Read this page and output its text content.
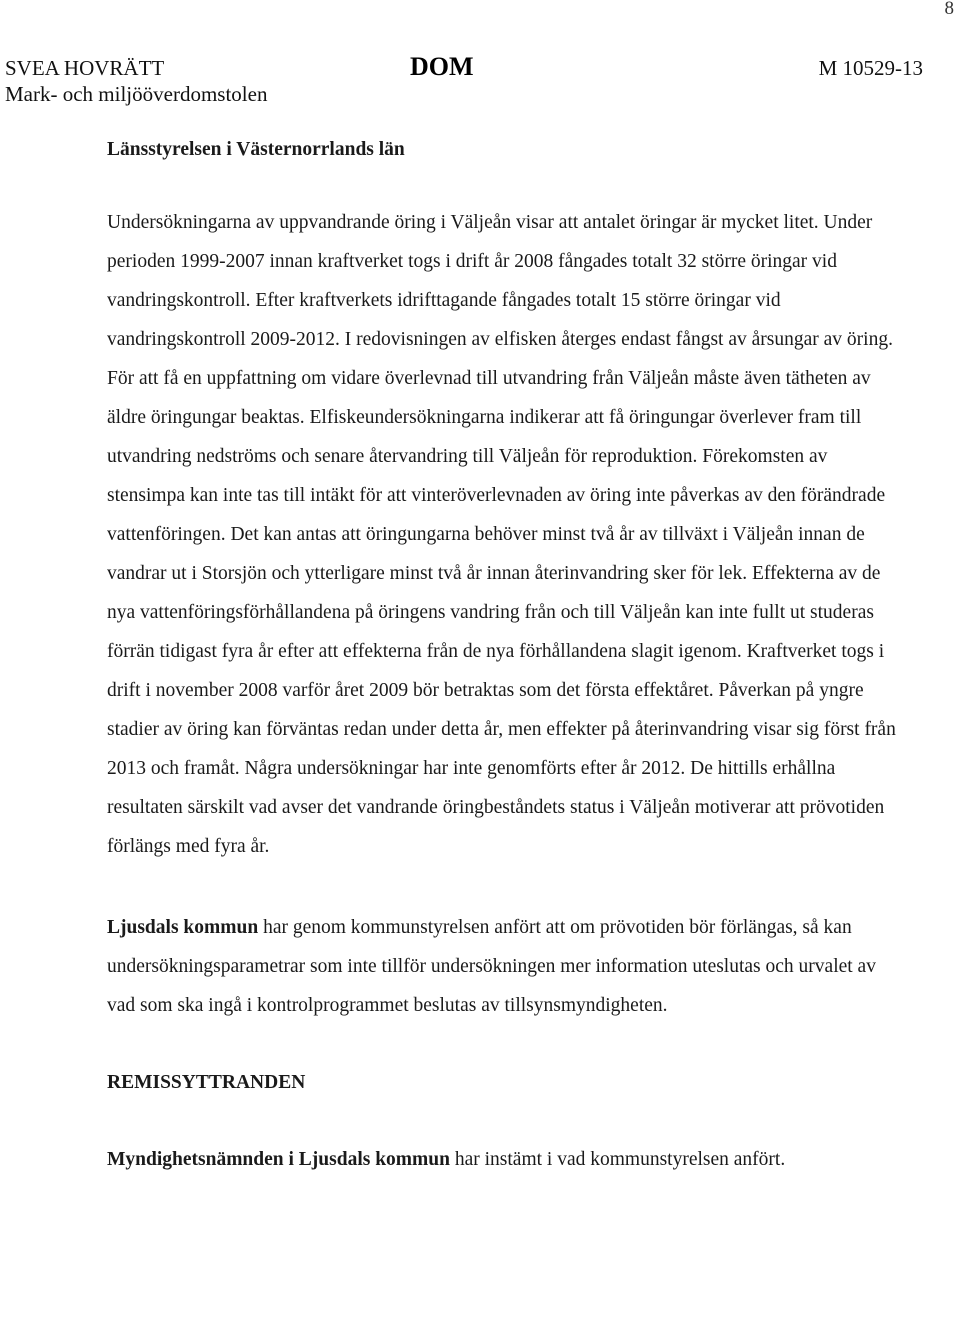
8
SVEA HOVRÄTT
Mark- och miljööverdomstolen
DOM	M 10529-13

Länsstyrelsen i Västernorrlands län

Undersökningarna av uppvandrande öring i Väljeån visar att antalet öringar är mycket litet. Under perioden 1999-2007 innan kraftverket togs i drift år 2008 fångades totalt 32 större öringar vid vandringskontroll. Efter kraftverkets idrifttagande fångades totalt 15 större öringar vid vandringskontroll 2009-2012. I redovisningen av elfisken återges endast fångst av årsungar av öring. För att få en uppfattning om vidare överlevnad till utvandring från Väljeån måste även tätheten av äldre öringungar beaktas. Elfiskeundersökningarna indikerar att få öringungar överlever fram till utvandring nedströms och senare återvandring till Väljeån för reproduktion. Förekomsten av stensimpa kan inte tas till intäkt för att vinteröverlevnaden av öring inte påverkas av den förändrade vattenföringen. Det kan antas att öringungarna behöver minst två år av tillväxt i Väljeån innan de vandrar ut i Storsjön och ytterligare minst två år innan återinvandring sker för lek. Effekterna av de nya vattenföringsförhållandena på öringens vandring från och till Väljeån kan inte fullt ut studeras förrän tidigast fyra år efter att effekterna från de nya förhållandena slagit igenom. Kraftverket togs i drift i november 2008 varför året 2009 bör betraktas som det första effektåret. Påverkan på yngre stadier av öring kan förväntas redan under detta år, men effekter på återinvandring visar sig först från 2013 och framåt. Några undersökningar har inte genomförts efter år 2012. De hittills erhållna resultaten särskilt vad avser det vandrande öringbeståndets status i Väljeån motiverar att prövotiden förlängs med fyra år.

Ljusdals kommun har genom kommunstyrelsen anfört att om prövotiden bör förlängas, så kan undersökningsparametrar som inte tillför undersökningen mer information uteslutas och urvalet av vad som ska ingå i kontrolprogrammet beslutas av tillsynsmyndigheten.

REMISSYTTRANDEN

Myndighetsnämnden i Ljusdals kommun har instämt i vad kommunstyrelsen anfört.
